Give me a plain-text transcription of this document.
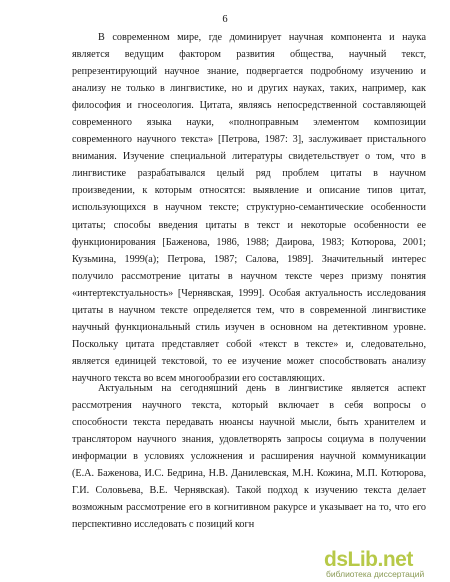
6
В современном мире, где доминирует научная компонента и наука
является ведущим фактором развития общества, научный текст,
репрезентирующий научное знание, подвергается подробному изучению и
анализу не только в лингвистике, но и других науках, таких, например, как
философия и гносеология. Цитата, являясь непосредственной составляющей
современного языка науки, «полноправным элементом композиции
современного научного текста» [Петрова, 1987: 3], заслуживает пристального
внимания. Изучение специальной литературы свидетельствует о том, что в
лингвистике разрабатывался целый ряд проблем цитаты в научном
произведении, к которым относятся: выявление и описание типов цитат,
использующихся в научном тексте; структурно-семантические особенности
цитаты; способы введения цитаты в текст и некоторые особенности ее
функционирования [Баженова, 1986, 1988; Даирова, 1983; Котюрова, 2001;
Кузьмина, 1999(а); Петрова, 1987; Салова, 1989]. Значительный интерес
получило рассмотрение цитаты в научном тексте через призму понятия
«интертекстуальность» [Чернявская, 1999]. Особая актуальность исследования
цитаты в научном тексте определяется тем, что в современной лингвистике
научный функциональный стиль изучен в основном на детективном уровне.
Поскольку цитата представляет собой «текст в тексте» и, следовательно,
является единицей текстовой, то ее изучение может способствовать анализу
научного текста во всем многообразии его составляющих.
Актуальным на сегодняшний день в лингвистике является аспект
рассмотрения научного текста, который включает в себя вопросы о
способности текста передавать нюансы научной мысли, быть хранителем и
транслятором научного знания, удовлетворять запросы социума в получении
информации в условиях усложнения и расширения научной коммуникации
(Е.А. Баженова, И.С. Бедрина, Н.В. Данилевская, М.Н. Кожина, М.П. Котюрова,
Г.И. Соловьева, В.Е. Чернявская). Такой подход к изучению текста делает
возможным рассмотрение его в когнитивном ракурсе и указывает на то, что его
перспективно исследовать с позиций когн
dsLib.net
библиотека диссертаций
